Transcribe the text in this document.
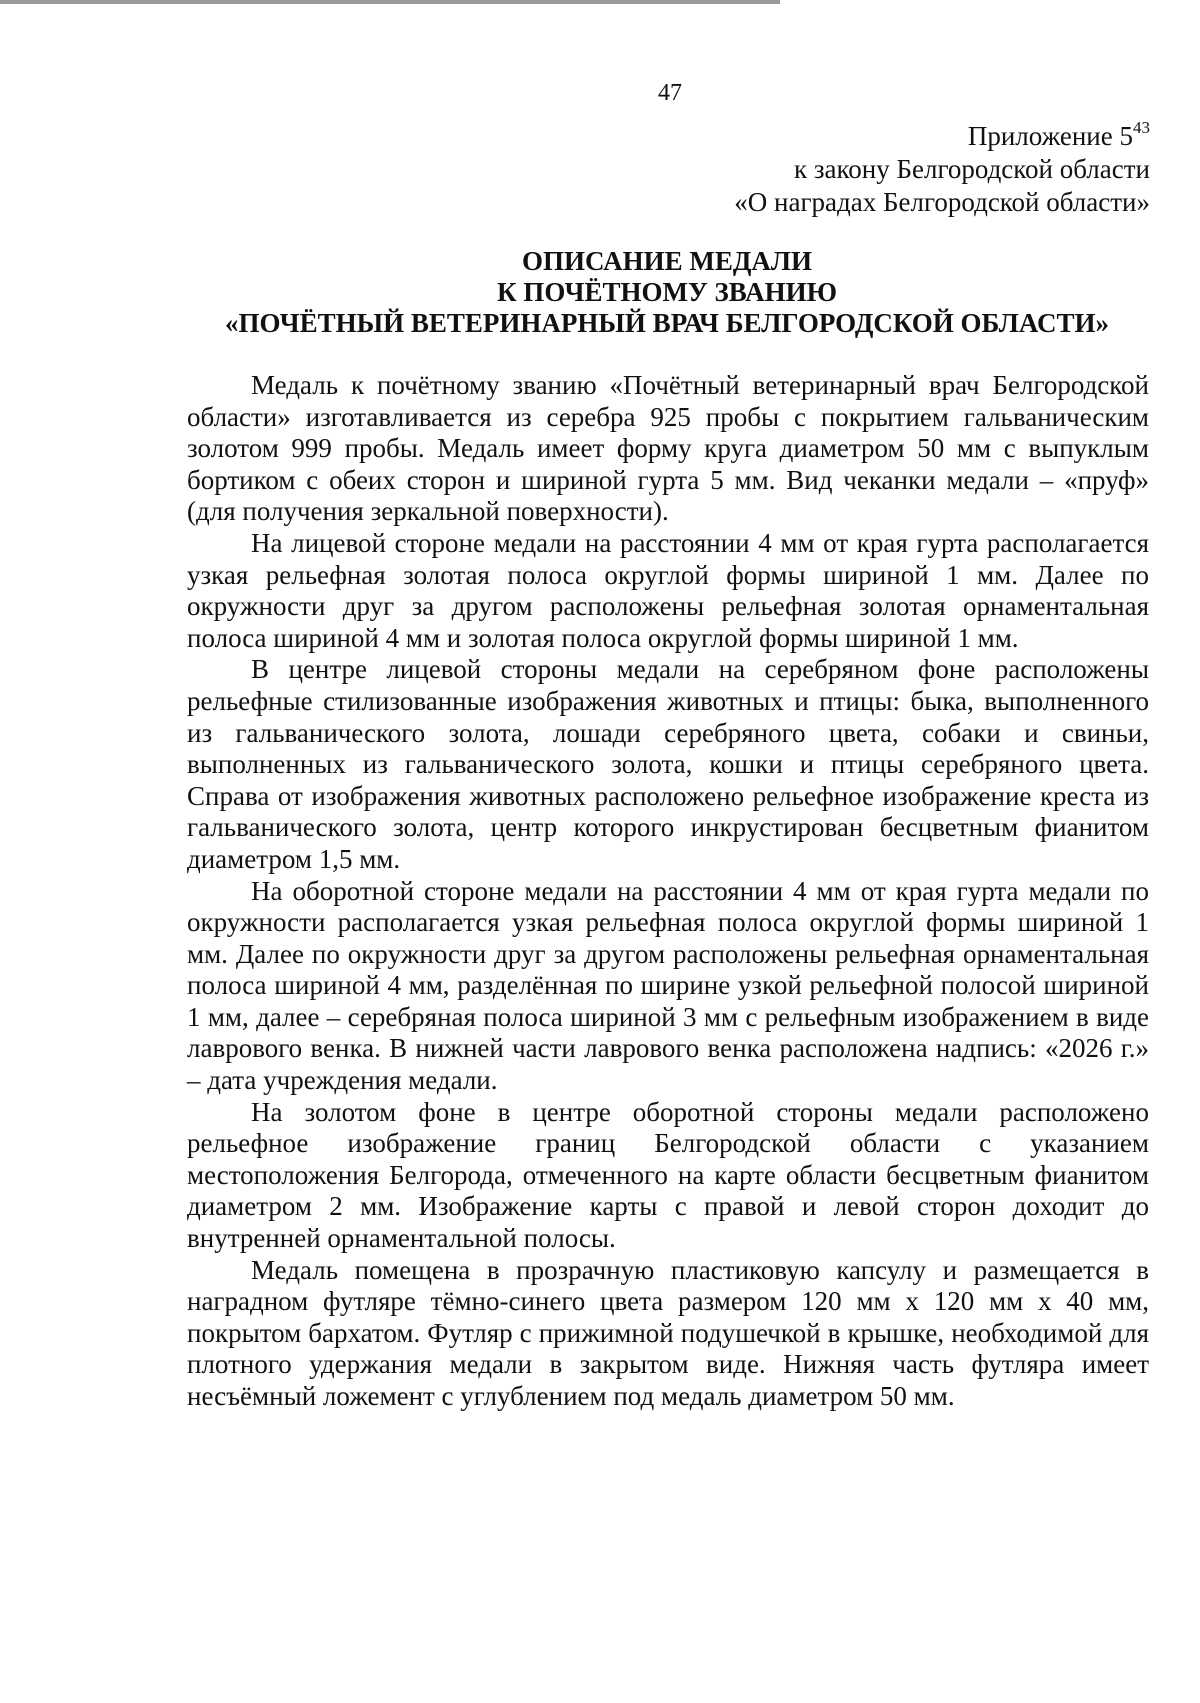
47
Приложение $5^{43}$
к закону Белгородской области
«О наградах Белгородской области»
ОПИСАНИЕ МЕДАЛИ
К ПОЧЁТНОМУ ЗВАНИЮ
«ПОЧЁТНЫЙ ВЕТЕРИНАРНЫЙ ВРАЧ БЕЛГОРОДСКОЙ ОБЛАСТИ»

Медаль к почётному званию «Почётный ветеринарный врач Белгородской области» изготавливается из серебра 925 пробы с покрытием гальваническим золотом 999 пробы. Медаль имеет форму круга диаметром 50 мм с выпуклым бортиком с обеих сторон и шириной гурта 5 мм. Вид чеканки медали – «пруф» (для получения зеркальной поверхности).

На лицевой стороне медали на расстоянии 4 мм от края гурта располагается узкая рельефная золотая полоса округлой формы шириной 1 мм. Далее по окружности друг за другом расположены рельефная золотая орнаментальная полоса шириной 4 мм и золотая полоса округлой формы шириной 1 мм.

В центре лицевой стороны медали на серебряном фоне расположены рельефные стилизованные изображения животных и птицы: быка, выполненного из гальванического золота, лошади серебряного цвета, собаки и свиньи, выполненных из гальванического золота, кошки и птицы серебряного цвета. Справа от изображения животных расположено рельефное изображение креста из гальванического золота, центр которого инкрустирован бесцветным фианитом диаметром 1,5 мм.

На оборотной стороне медали на расстоянии 4 мм от края гурта медали по окружности располагается узкая рельефная полоса округлой формы шириной 1 мм. Далее по окружности друг за другом расположены рельефная орнаментальная полоса шириной 4 мм, разделённая по ширине узкой рельефной полосой шириной 1 мм, далее – серебряная полоса шириной 3 мм с рельефным изображением в виде лаврового венка. В нижней части лаврового венка расположена надпись: «2026 г.» – дата учреждения медали.

На золотом фоне в центре оборотной стороны медали расположено рельефное изображение границ Белгородской области с указанием местоположения Белгорода, отмеченного на карте области бесцветным фианитом диаметром 2 мм. Изображение карты с правой и левой сторон доходит до внутренней орнаментальной полосы.

Медаль помещена в прозрачную пластиковую капсулу и размещается в наградном футляре тёмно-синего цвета размером 120 мм х 120 мм х 40 мм, покрытом бархатом. Футляр с прижимной подушечкой в крышке, необходимой для плотного удержания медали в закрытом виде. Нижняя часть футляра имеет несъёмный ложемент с углублением под медаль диаметром 50 мм.
